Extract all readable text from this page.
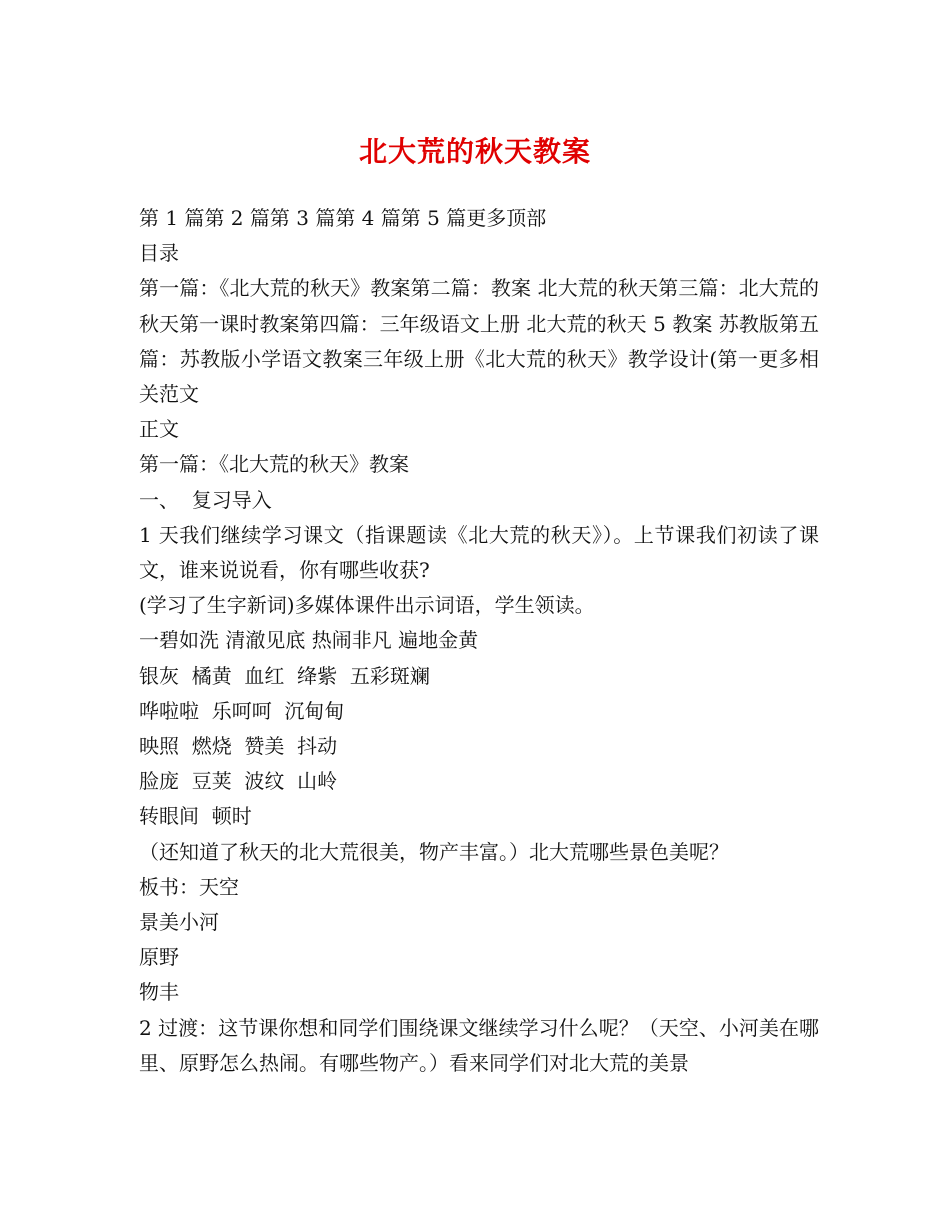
北大荒的秋天教案
第 1 篇第 2 篇第 3 篇第 4 篇第 5 篇更多顶部
目录
第一篇：《北大荒的秋天》教案第二篇：教案 北大荒的秋天第三篇：北大荒的秋天第一课时教案第四篇：三年级语文上册 北大荒的秋天 5 教案 苏教版第五篇：苏教版小学语文教案三年级上册《北大荒的秋天》教学设计(第一更多相关范文
正文
第一篇：《北大荒的秋天》教案
一、  复习导入
1 天我们继续学习课文（指课题读《北大荒的秋天》）。上节课我们初读了课文，谁来说说看，你有哪些收获?
(学习了生字新词)多媒体课件出示词语，学生领读。
一碧如洗 清澈见底 热闹非凡 遍地金黄
银灰  橘黄  血红  绛紫  五彩斑斓
哗啦啦  乐呵呵  沉甸甸
映照  燃烧  赞美  抖动
脸庞  豆荚  波纹  山岭
转眼间  顿时
（还知道了秋天的北大荒很美，物产丰富。）北大荒哪些景色美呢？
板书：天空
景美小河
原野
物丰
2 过渡：这节课你想和同学们围绕课文继续学习什么呢？（天空、小河美在哪里、原野怎么热闹。有哪些物产。）看来同学们对北大荒的美景
